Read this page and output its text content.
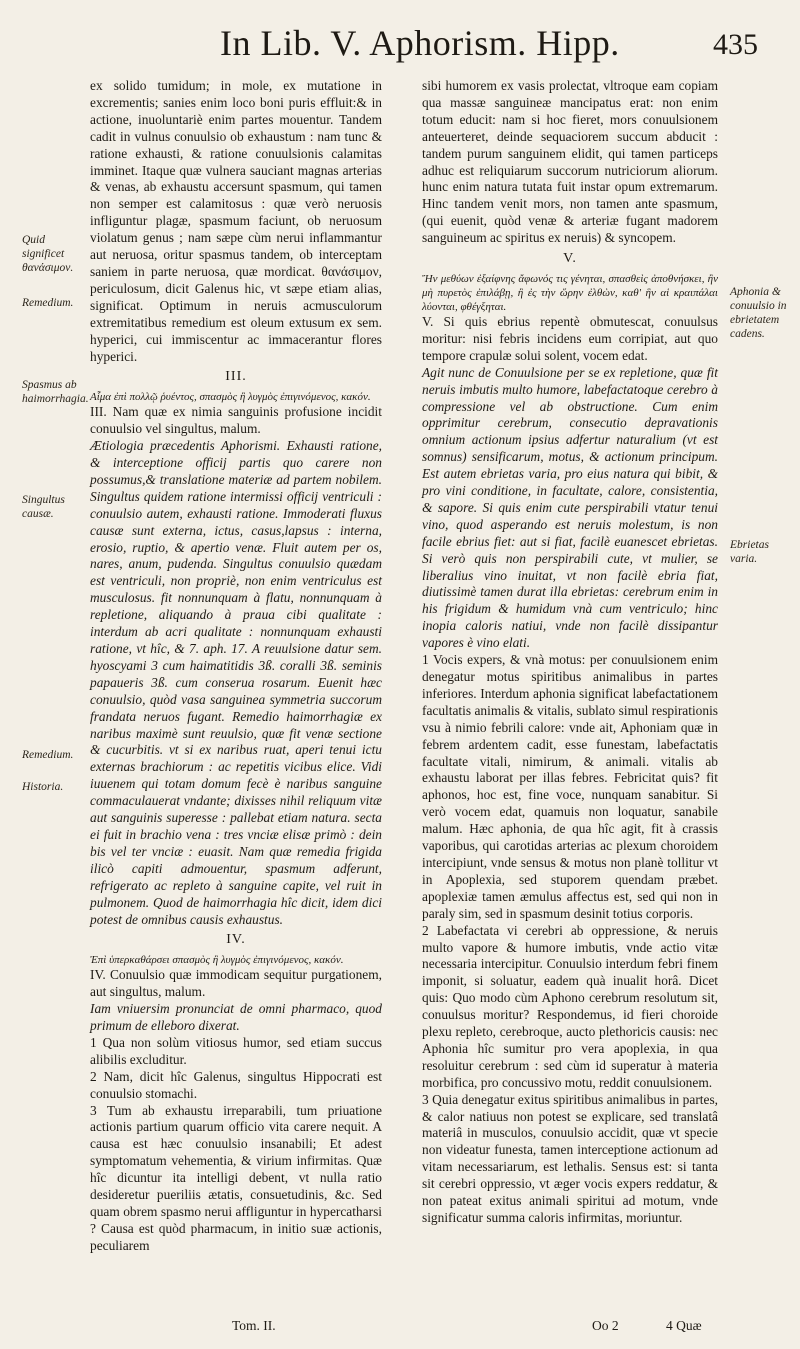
In Lib. V. Aphorism. Hipp.	435

ex solido tumidum; in mole, ex mutatione in excrementis; sanies enim loco boni puris effluit:& in actione, inuoluntariè enim partes mouentur. Tandem cadit in vulnus conuulsio ob exhaustum : nam tunc & ratione exhausti, & ratione conuulsionis calamitas imminet. Itaque quæ vulnera sauciant magnas arterias & venas, ab exhaustu accersunt spasmum, qui tamen non semper est calamitosus : quæ verò neruosis infliguntur plagæ, spasmum faciunt, ob neruosum violatum genus ; nam sæpe cùm nerui inflammantur aut neruosa, oritur spasmus tandem, ob interceptam saniem in parte neruosa, quæ mordicat. θανάσιμον, periculosum, dicit Galenus hic, vt sæpe etiam alias, significat. Optimum in neruis acmusculorum extremitatibus remedium est oleum extusum ex sem. hyperici, cui immiscentur ac immacerantur flores hyperici.

III.

Αἷμα ἐπὶ πολλῷ ῥυέντος, σπασμὸς ἢ λυγμὸς ἐπιγινόμενος, κακόν.

III. Nam quæ ex nimia sanguinis profusione incidit conuulsio vel singultus, malum.

Ætiologia præcedentis Aphorismi. Exhausti ratione, & interceptione officij partis quo carere non possumus,& translatione materiæ ad partem nobilem. Singultus quidem ratione intermissi officij ventriculi : conuulsio autem, exhausti ratione. Immoderati fluxus causæ sunt externa, ictus, casus,lapsus : interna, erosio, ruptio, & apertio venæ. Fluit autem per os, nares, anum, pudenda. Singultus conuulsio quædam est ventriculi, non propriè, non enim ventriculus est musculosus. fit nonnunquam à flatu, nonnunquam à repletione, aliquando à praua cibi qualitate : interdum ab acri qualitate : nonnunquam exhausti ratione, vt hîc, & 7. aph. 17. A reuulsione datur sem. hyoscyami 3 cum haimatitidis 3ß. coralli 3ß. seminis papaueris 3ß. cum conserua rosarum. Euenit hæc conuulsio, quòd vasa sanguinea symmetria succorum frandata neruos fugant. Remedio haimorrhagiæ ex naribus maximè sunt reuulsio, quæ fit venæ sectione & cucurbitis. vt si ex naribus ruat, aperi tenui ictu externas brachiorum : ac repetitis vicibus elice. Vidi iuuenem qui totam domum fecè è naribus sanguine commaculauerat vndante; dixisses nihil reliquum vitæ aut sanguinis superesse : pallebat etiam natura. secta ei fuit in brachio vena : tres vnciæ elisæ primò : dein bis vel ter vnciæ : euasit. Nam quæ remedia frigida ilicò capiti admouentur, spasmum adferunt, refrigerato ac repleto à sanguine capite, vel ruit in pulmonem. Quod de haimorrhagia hîc dicit, idem dici potest de omnibus causis exhaustus.

IV.

Ἐπὶ ὑπερκαθάρσει σπασμὸς ἢ λυγμὸς ἐπιγινόμενος, κακόν.

IV. Conuulsio quæ immodicam sequitur purgationem, aut singultus, malum.

Iam vniuersim pronunciat de omni pharmaco, quod primum de elleboro dixerat.

1 Qua non solùm vitiosus humor, sed etiam succus alibilis excluditur.

2 Nam, dicit hîc Galenus, singultus Hippocrati est conuulsio stomachi.

3 Tum ab exhaustu irreparabili, tum priuatione actionis partium quarum officio vita carere nequit. A causa est hæc conuulsio insanabili; Et adest symptomatum vehementia, & virium infirmitas. Quæ hîc dicuntur ita intelligi debent, vt nulla ratio desideretur pueriliis ætatis, consuetudinis, &c. Sed quam obrem spasmo nerui affliguntur in hypercatharsi ? Causa est quòd pharmacum, in initio suæ actionis, peculiarem

sibi humorem ex vasis prolectat, vltroque eam copiam qua massæ sanguineæ mancipatus erat: non enim totum educit: nam si hoc fieret, mors conuulsionem anteuerteret, deinde sequaciorem succum abducit : tandem purum sanguinem elidit, qui tamen particeps adhuc est reliquiarum succorum nutriciorum aliorum. hunc enim natura tutata fuit instar opum extremarum. Hinc tandem venit mors, non tamen ante spasmum, (qui euenit, quòd venæ & arteriæ fugant madorem sanguineum ac spiritus ex neruis) & syncopem.

V.

Ἤν μεθύων ἐξαίφνης ἄφωνός τις γένηται, σπασθεὶς ἀποθνήσκει, ἢν μὴ πυρετὸς ἐπιλάβῃ, ἢ ἐς τὴν ὥρην ἐλθὼν, καθ' ἣν αἱ κραιπάλαι λύονται, φθέγξηται.

V. Si quis ebrius repentè obmutescat, conuulsus moritur: nisi febris incidens eum corripiat, aut quo tempore crapulæ solui solent, vocem edat.

Agit nunc de Conuulsione per se ex repletione, quæ fit neruis imbutis multo humore, labefactatoque cerebro à compressione vel ab obstructione. Cum enim opprimitur cerebrum, consecutio depravationis omnium actionum ipsius adfertur naturalium (vt est somnus) sensificarum, motus, & actionum principum. Est autem ebrietas varia, pro eius natura qui bibit, & pro vini conditione, in facultate, calore, consistentia, & sapore. Si quis enim cute perspirabili vtatur tenui vino, quod asperando est neruis molestum, is non facile ebrius fiet: aut si fiat, facilè euanescet ebrietas. Si verò quis non perspirabili cute, vt mulier, se liberalius vino inuitat, vt non facilè ebria fiat, diutissimè tamen durat illa ebrietas: cerebrum enim in his frigidum & humidum vnà cum ventriculo; hinc inopia caloris natiui, vnde non facilè dissipantur vapores è vino elati.

1 Vocis expers, & vnà motus: per conuulsionem enim denegatur motus spiritibus animalibus in partes inferiores. Interdum aphonia significat labefactationem facultatis animalis & vitalis, sublato simul respirationis vsu à nimio febrili calore: vnde ait, Aphoniam quæ in febrem ardentem cadit, esse funestam, labefactatis facultate vitali, nimirum, & animali. vitalis ab exhaustu laborat per illas febres. Febricitat quis? fit aphonos, hoc est, fine voce, nunquam sanabitur. Si verò vocem edat, quamuis non loquatur, sanabile malum. Hæc aphonia, de qua hîc agit, fit à crassis vaporibus, qui carotidas arterias ac plexum choroidem intercipiunt, vnde sensus & motus non planè tollitur vt in Apoplexia, sed stuporem quendam præbet. apoplexiæ tamen æmulus affectus est, sed qui non in paraly sim, sed in spasmum desinit totius corporis.

2 Labefactata vi cerebri ab oppressione, & neruis multo vapore & humore imbutis, vnde actio vitæ necessaria intercipitur. Conuulsio interdum febri finem imponit, si soluatur, eadem quà inualit horâ. Dicet quis: Quo modo cùm Aphono cerebrum resolutum sit, conuulsus moritur? Respondemus, id fieri choroide plexu repleto, cerebroque, aucto plethoricis causis: nec Aphonia hîc sumitur pro vera apoplexia, in qua resoluitur cerebrum : sed cùm id superatur à materia morbifica, pro concussivo motu, reddit conuulsionem.

3 Quia denegatur exitus spiritibus animalibus in partes, & calor natiuus non potest se explicare, sed translatâ materiâ in musculos, conuulsio accidit, quæ vt specie non videatur funesta, tamen interceptione actionum ad vitam necessariarum, est lethalis. Sensus est: si tanta sit cerebri oppressio, vt æger vocis expers reddatur, & non pateat exitus animali spiritui ad motum, vnde significatur summa caloris infirmitas, moriuntur.

Quid significet θανάσιμον.
Remedium.
Spasmus ab haimorrhagia.
Singultus causæ.
Remedium.
Historia.
Aphonia & conuulsio in ebrietatem cadens.
Ebrietas varia.
Tom. II.	Oo 2	4 Quæ
